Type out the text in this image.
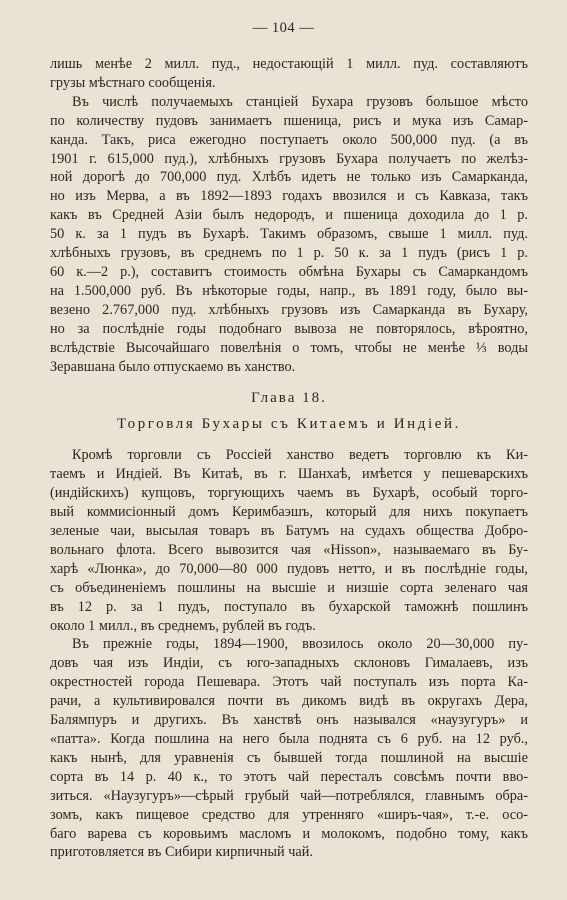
— 104 —

лишь менѣе 2 милл. пуд., недостающій 1 милл. пуд. составляютъ
грузы мѣстнаго сообщенія.

Въ числѣ получаемыхъ станціей Бухара грузовъ большое мѣсто
по количеству пудовъ занимаетъ пшеница, рисъ и мука изъ Самар-
канда. Такъ, риса ежегодно поступаетъ около 500,000 пуд. (а въ
1901 г. 615,000 пуд.), хлѣбныхъ грузовъ Бухара получаетъ по желѣз-
ной дорогѣ до 700,000 пуд. Хлѣбъ идетъ не только изъ Самарканда,
но изъ Мерва, а въ 1892—1893 годахъ ввозился и съ Кавказа, такъ
какъ въ Средней Азіи былъ недородъ, и пшеница доходила до 1 р.
50 к. за 1 пудъ въ Бухарѣ. Такимъ образомъ, свыше 1 милл. пуд.
хлѣбныхъ грузовъ, въ среднемъ по 1 р. 50 к. за 1 пудъ (рисъ 1 р.
60 к.—2 р.), составитъ стоимость обмѣна Бухары съ Самаркандомъ
на 1.500,000 руб. Въ нѣкоторые годы, напр., въ 1891 году, было вы-
везено 2.767,000 пуд. хлѣбныхъ грузовъ изъ Самарканда въ Бухару,
но за послѣдніе годы подобнаго вывоза не повторялось, вѣроятно,
вслѣдствіе Высочайшаго повелѣнія о томъ, чтобы не менѣе ⅓ воды
Зеравшана было отпускаемо въ ханство.

Глава 18.
Торговля Бухары съ Китаемъ и Индіей.

Кромѣ торговли съ Россіей ханство ведетъ торговлю къ Ки-
таемъ и Индіей. Въ Китаѣ, въ г. Шанхаѣ, имѣется у пешеварскихъ
(индійскихъ) купцовъ, торгующихъ чаемъ въ Бухарѣ, особый торго-
вый коммисіонный домъ Керимбаэшъ, который для нихъ покупаетъ
зеленые чаи, высылая товаръ въ Батумъ на судахъ общества Добро-
вольнаго флота. Всего вывозится чая «Hisson», называемаго въ Бу-
харѣ «Люнка», до 70,000—80 000 пудовъ нетто, и въ послѣдніе годы,
съ объединеніемъ пошлины на высшіе и низшіе сорта зеленаго чая
въ 12 р. за 1 пудъ, поступало въ бухарской таможнѣ пошлинъ
около 1 милл., въ среднемъ, рублей въ годъ.

Въ прежніе годы, 1894—1900, ввозилось около 20—30,000 пу-
довъ чая изъ Индіи, съ юго-западныхъ склоновъ Гималаевъ, изъ
окрестностей города Пешевара. Этотъ чай поступалъ изъ порта Ка-
рачи, а культивировался почти въ дикомъ видѣ въ округахъ Дера,
Балямпуръ и другихъ. Въ ханствѣ онъ назывался «наузугуръ» и
«патта». Когда пошлина на него была поднята съ 6 руб. на 12 руб.,
какъ нынѣ, для уравненія съ бывшей тогда пошлиной на высшіе
сорта въ 14 р. 40 к., то этотъ чай пересталъ совсѣмъ почти вво-
зиться. «Наузугуръ»—сѣрый грубый чай—потреблялся, главнымъ обра-
зомъ, какъ пищевое средство для утренняго «ширъ-чая», т.-е. осо-
баго варева съ коровьимъ масломъ и молокомъ, подобно тому, какъ
приготовляется въ Сибири кирпичный чай.
